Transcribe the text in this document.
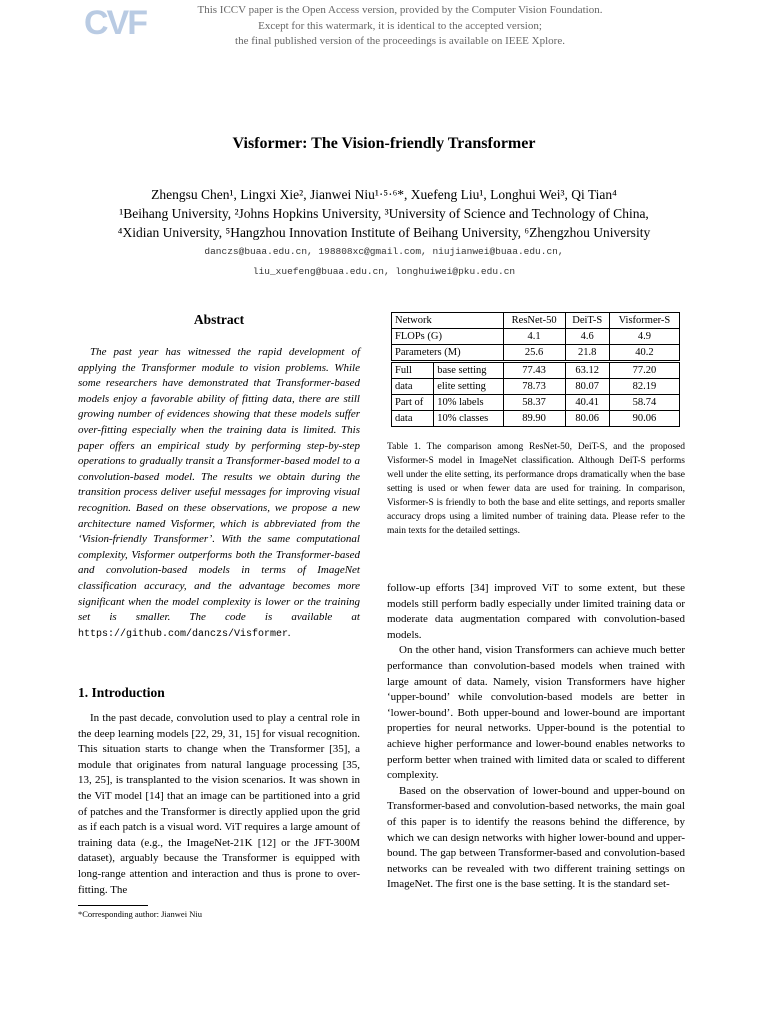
CVF	This ICCV paper is the Open Access version, provided by the Computer Vision Foundation.
Except for this watermark, it is identical to the accepted version;
the final published version of the proceedings is available on IEEE Xplore.
Visformer: The Vision-friendly Transformer
Zhengsu Chen¹, Lingxi Xie², Jianwei Niu¹·⁵·⁶*, Xuefeng Liu¹, Longhui Wei³, Qi Tian⁴
¹Beihang University, ²Johns Hopkins University, ³University of Science and Technology of China,
⁴Xidian University, ⁵Hangzhou Innovation Institute of Beihang University, ⁶Zhengzhou University
danczs@buaa.edu.cn, 198808xc@gmail.com, niujianwei@buaa.edu.cn,
liu_xuefeng@buaa.edu.cn, longhuiwei@pku.edu.cn
Abstract
The past year has witnessed the rapid development of applying the Transformer module to vision problems. While some researchers have demonstrated that Transformer-based models enjoy a favorable ability of fitting data, there are still growing number of evidences showing that these models suffer over-fitting especially when the training data is limited. This paper offers an empirical study by performing step-by-step operations to gradually transit a Transformer-based model to a convolution-based model. The results we obtain during the transition process deliver useful messages for improving visual recognition. Based on these observations, we propose a new architecture named Visformer, which is abbreviated from the ‘Vision-friendly Transformer’. With the same computational complexity, Visformer outperforms both the Transformer-based and convolution-based models in terms of ImageNet classification accuracy, and the advantage becomes more significant when the model complexity is lower or the training set is smaller. The code is available at https://github.com/danczs/Visformer.
1. Introduction
In the past decade, convolution used to play a central role in the deep learning models [22, 29, 31, 15] for visual recognition. This situation starts to change when the Transformer [35], a module that originates from natural language processing [35, 13, 25], is transplanted to the vision scenarios. It was shown in the ViT model [14] that an image can be partitioned into a grid of patches and the Transformer is directly applied upon the grid as if each patch is a visual word. ViT requires a large amount of training data (e.g., the ImageNet-21K [12] or the JFT-300M dataset), arguably because the Transformer is equipped with long-range attention and interaction and thus is prone to over-fitting. The
*Corresponding author: Jianwei Niu
Network		ResNet-50	DeiT-S	Visformer-S
FLOPs (G)		4.1	4.6	4.9
Parameters (M)		25.6	21.8	40.2
Full	base setting	77.43	63.12	77.20
data	elite setting	78.73	80.07	82.19
Part of	10% labels	58.37	40.41	58.74
data	10% classes	89.90	80.06	90.06
Table 1. The comparison among ResNet-50, DeiT-S, and the proposed Visformer-S model in ImageNet classification. Although DeiT-S performs well under the elite setting, its performance drops dramatically when the base setting is used or when fewer data are used for training. In comparison, Visformer-S is friendly to both the base and elite settings, and reports smaller accuracy drops using a limited number of training data. Please refer to the main texts for the detailed settings.

follow-up efforts [34] improved ViT to some extent, but these models still perform badly especially under limited training data or moderate data augmentation compared with convolution-based models.

On the other hand, vision Transformers can achieve much better performance than convolution-based models when trained with large amount of data. Namely, vision Transformers have higher ‘upper-bound’ while convolution-based models are better in ‘lower-bound’. Both upper-bound and lower-bound are important properties for neural networks. Upper-bound is the potential to achieve higher performance and lower-bound enables networks to perform better when trained with limited data or scaled to different complexity.

Based on the observation of lower-bound and upper-bound on Transformer-based and convolution-based networks, the main goal of this paper is to identify the reasons behind the difference, by which we can design networks with higher lower-bound and upper-bound. The gap between Transformer-based and convolution-based networks can be revealed with two different training settings on ImageNet. The first one is the base setting. It is the standard set-
